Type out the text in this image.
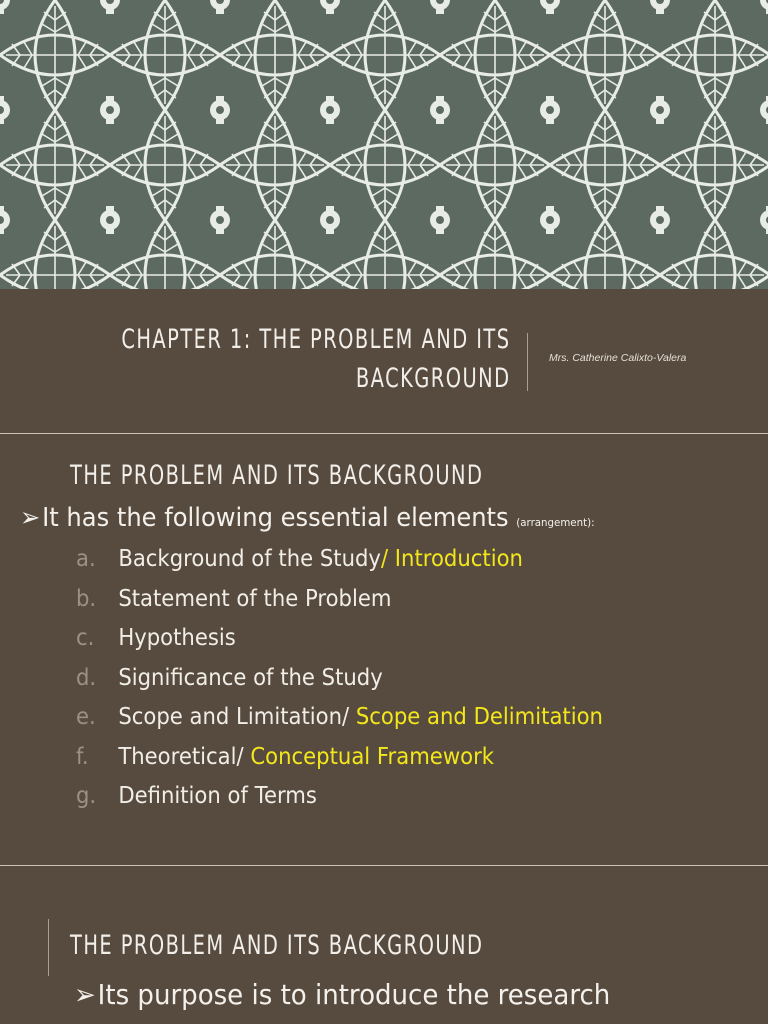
CHAPTER 1: THE PROBLEM AND ITS
BACKGROUND
Mrs. Catherine Calixto-Valera
THE PROBLEM AND ITS BACKGROUND
➢It has the following essential elements (arrangement):
a. Background of the Study/ Introduction
b. Statement of the Problem
c. Hypothesis
d. Significance of the Study
e. Scope and Limitation/ Scope and Delimitation
f. Theoretical/ Conceptual Framework
g. Definition of Terms
THE PROBLEM AND ITS BACKGROUND
➢Its purpose is to introduce the research
